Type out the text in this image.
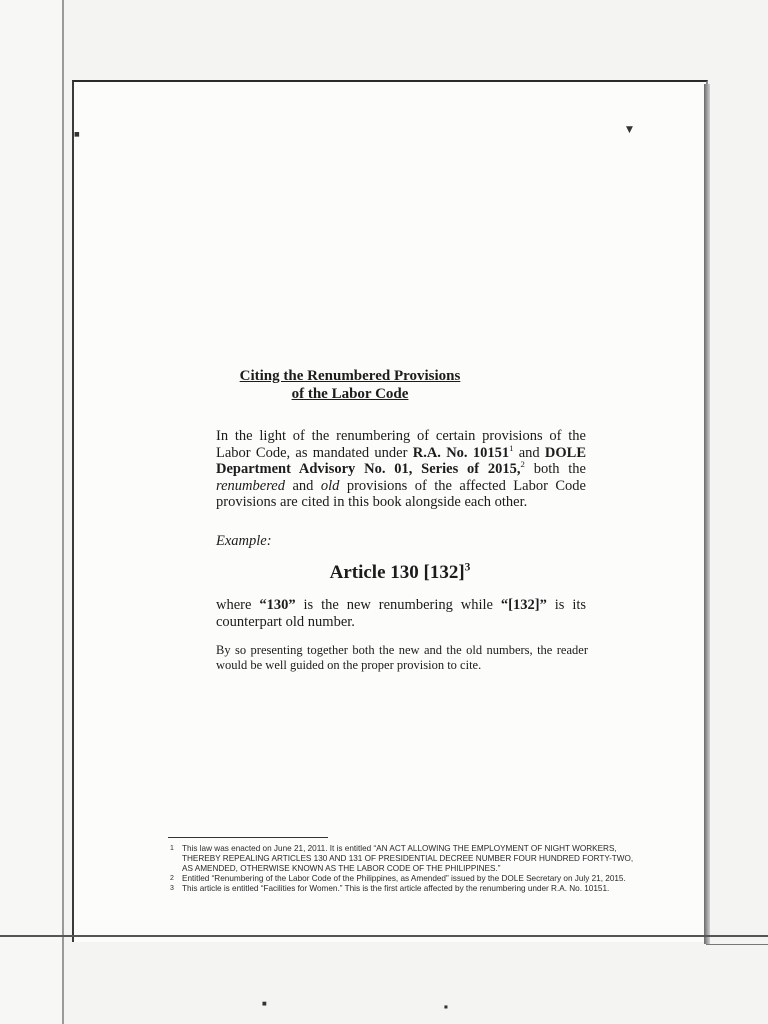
▼
■
■	■
Citing the Renumbered Provisions
of the Labor Code
In the light of the renumbering of certain provisions of the Labor Code, as mandated under R.A. No. 10151$^1$ and DOLE Department Advisory No. 01, Series of 2015,$^2$ both the renumbered and old provisions of the affected Labor Code provisions are cited in this book alongside each other.
Example:
Article 130 $[132]^3$
where “130” is the new renumbering while “[132]” is its counterpart old number.
By so presenting together both the new and the old numbers, the reader would be well guided on the proper provision to cite.
1 This law was enacted on June 21, 2011. It is entitled “AN ACT ALLOWING THE EMPLOYMENT OF NIGHT WORKERS, THEREBY REPEALING ARTICLES 130 AND 131 OF PRESIDENTIAL DECREE NUMBER FOUR HUNDRED FORTY-TWO, AS AMENDED, OTHERWISE KNOWN AS THE LABOR CODE OF THE PHILIPPINES.”
2 Entitled “Renumbering of the Labor Code of the Philippines, as Amended” issued by the DOLE Secretary on July 21, 2015.
3 This article is entitled “Facilities for Women.” This is the first article affected by the renumbering under R.A. No. 10151.
